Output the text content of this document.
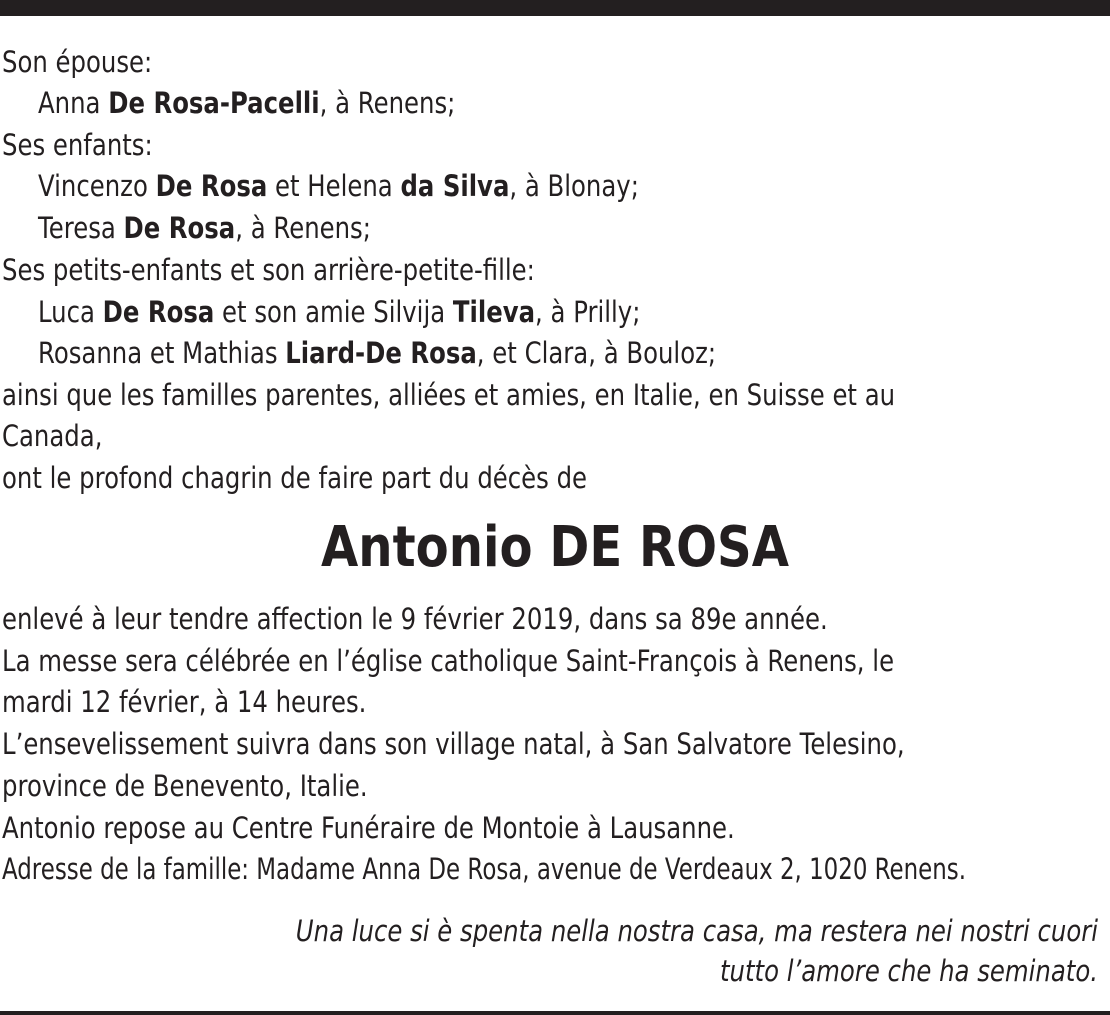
Son épouse:
Anna De Rosa-Pacelli, à Renens;
Ses enfants:
Vincenzo De Rosa et Helena da Silva, à Blonay;
Teresa De Rosa, à Renens;
Ses petits-enfants et son arrière-petite-fille:
Luca De Rosa et son amie Silvija Tileva, à Prilly;
Rosanna et Mathias Liard-De Rosa, et Clara, à Bouloz;
ainsi que les familles parentes, alliées et amies, en Italie, en Suisse et au
Canada,
ont le profond chagrin de faire part du décès de
Antonio DE ROSA
enlevé à leur tendre affection le 9 février 2019, dans sa 89e année.
La messe sera célébrée en l’église catholique Saint-François à Renens, le
mardi 12 février, à 14 heures.
L’ensevelissement suivra dans son village natal, à San Salvatore Telesino,
province de Benevento, Italie.
Antonio repose au Centre Funéraire de Montoie à Lausanne.
Adresse de la famille: Madame Anna De Rosa, avenue de Verdeaux 2, 1020 Renens.
Una luce si è spenta nella nostra casa, ma restera nei nostri cuori
tutto l’amore che ha seminato.
